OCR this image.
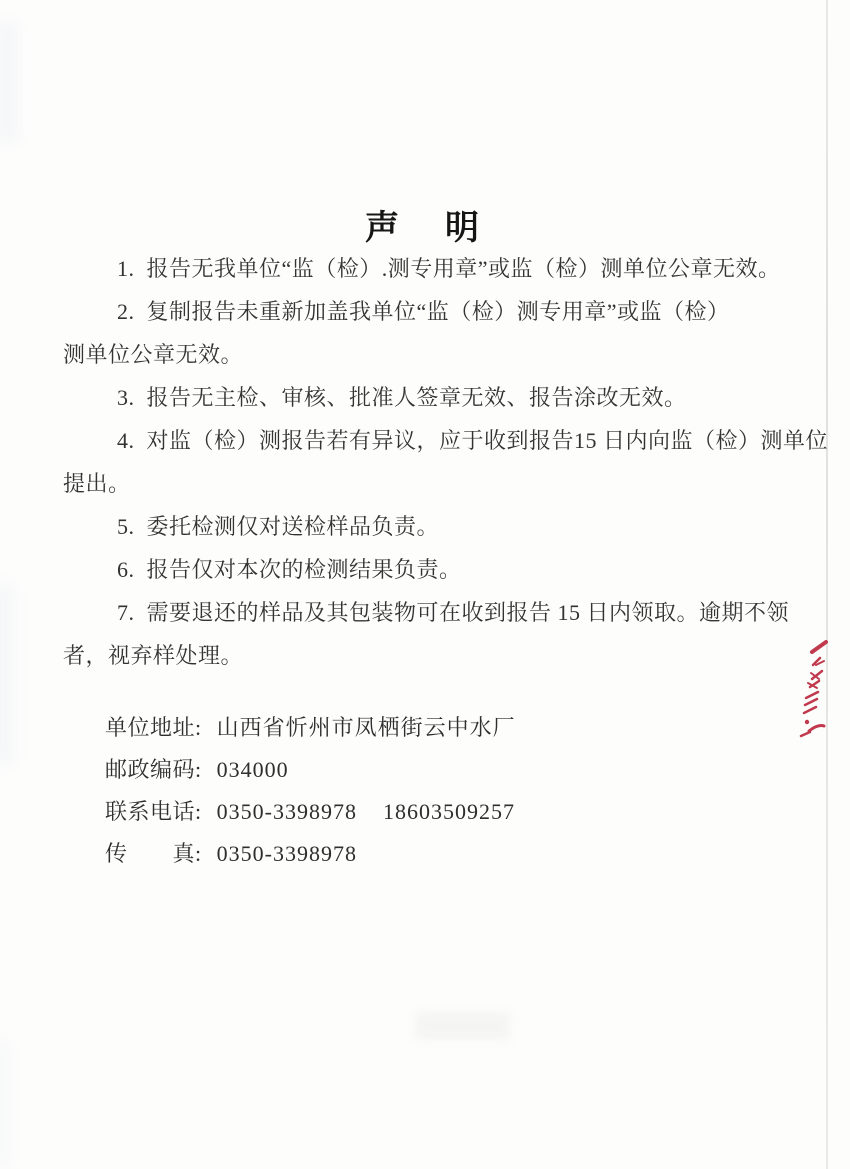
声　明
1.  报告无我单位“监（检）.测专用章”或监（检）测单位公章无效。
2.  复制报告未重新加盖我单位“监（检）测专用章”或监（检）
测单位公章无效。
3.  报告无主检、审核、批准人签章无效、报告涂改无效。
4.  对监（检）测报告若有异议，应于收到报告15 日内向监（检）测单位
提出。
5.  委托检测仅对送检样品负责。
6.  报告仅对本次的检测结果负责。
7.  需要退还的样品及其包装物可在收到报告 15 日内领取。逾期不领
者，视弃样处理。
单位地址: 山西省忻州市凤栖街云中水厂
邮政编码: 034000
联系电话: 0350-3398978    18603509257
传　　真: 0350-3398978
